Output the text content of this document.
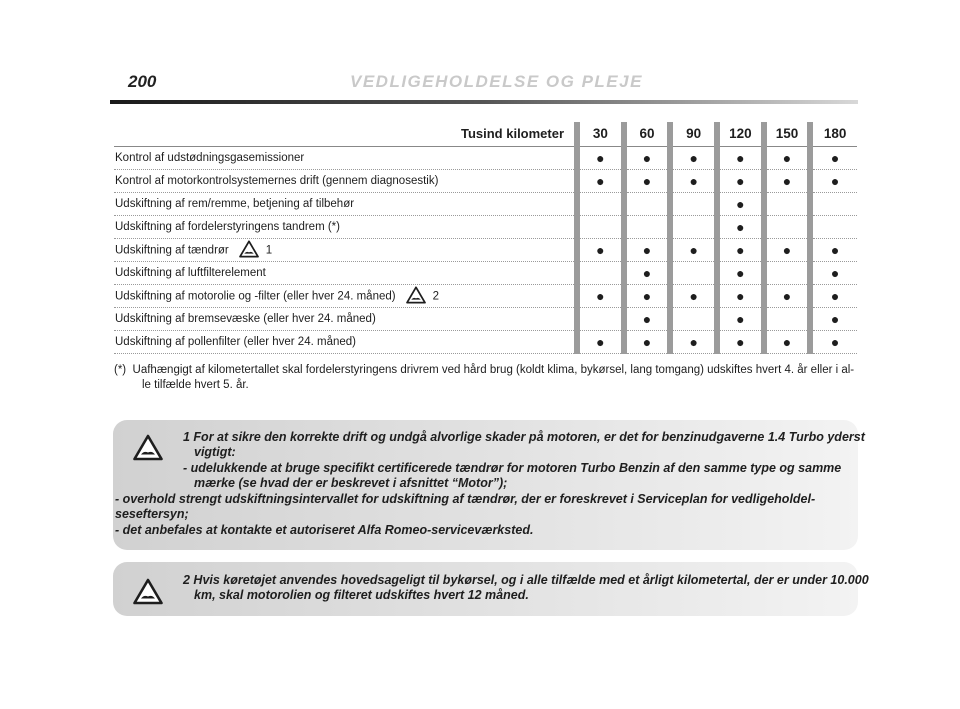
200	VEDLIGEHOLDELSE OG PLEJE
Tusind kilometer	30	60	90	120	150	180
Kontrol af udstødningsgasemissioner	●	●	●	●	●	●
Kontrol af motorkontrolsystemernes drift (gennem diagnosestik)	●	●	●	●	●	●
Udskiftning af rem/remme, betjening af tilbehør				●		
Udskiftning af fordelerstyringens tandrem (*)				●		
Udskiftning af tændrør 1	●	●	●	●	●	●
Udskiftning af luftfilterelement		●		●		●
Udskiftning af motorolie og -filter (eller hver 24. måned) 2	●	●	●	●	●	●
Udskiftning af bremsevæske (eller hver 24. måned)		●		●		●
Udskiftning af pollenfilter (eller hver 24. måned)	●	●	●	●	●	●
(*) Uafhængigt af kilometertallet skal fordelerstyringens drivrem ved hård brug (koldt klima, bykørsel, lang tomgang) udskiftes hvert 4. år eller i al-le tilfælde hvert 5. år.
1 For at sikre den korrekte drift og undgå alvorlige skader på motoren, er det for benzinudgaverne 1.4 Turbo yderst
vigtigt:
- udelukkende at bruge specifikt certificerede tændrør for motoren Turbo Benzin af den samme type og samme
mærke (se hvad der er beskrevet i afsnittet “Motor”);
- overhold strengt udskiftningsintervallet for udskiftning af tændrør, der er foreskrevet i Serviceplan for vedligeholdel-
seseftersyn;
- det anbefales at kontakte et autoriseret Alfa Romeo-serviceværksted.
2 Hvis køretøjet anvendes hovedsageligt til bykørsel, og i alle tilfælde med et årligt kilometertal, der er under 10.000
km, skal motorolien og filteret udskiftes hvert 12 måned.
